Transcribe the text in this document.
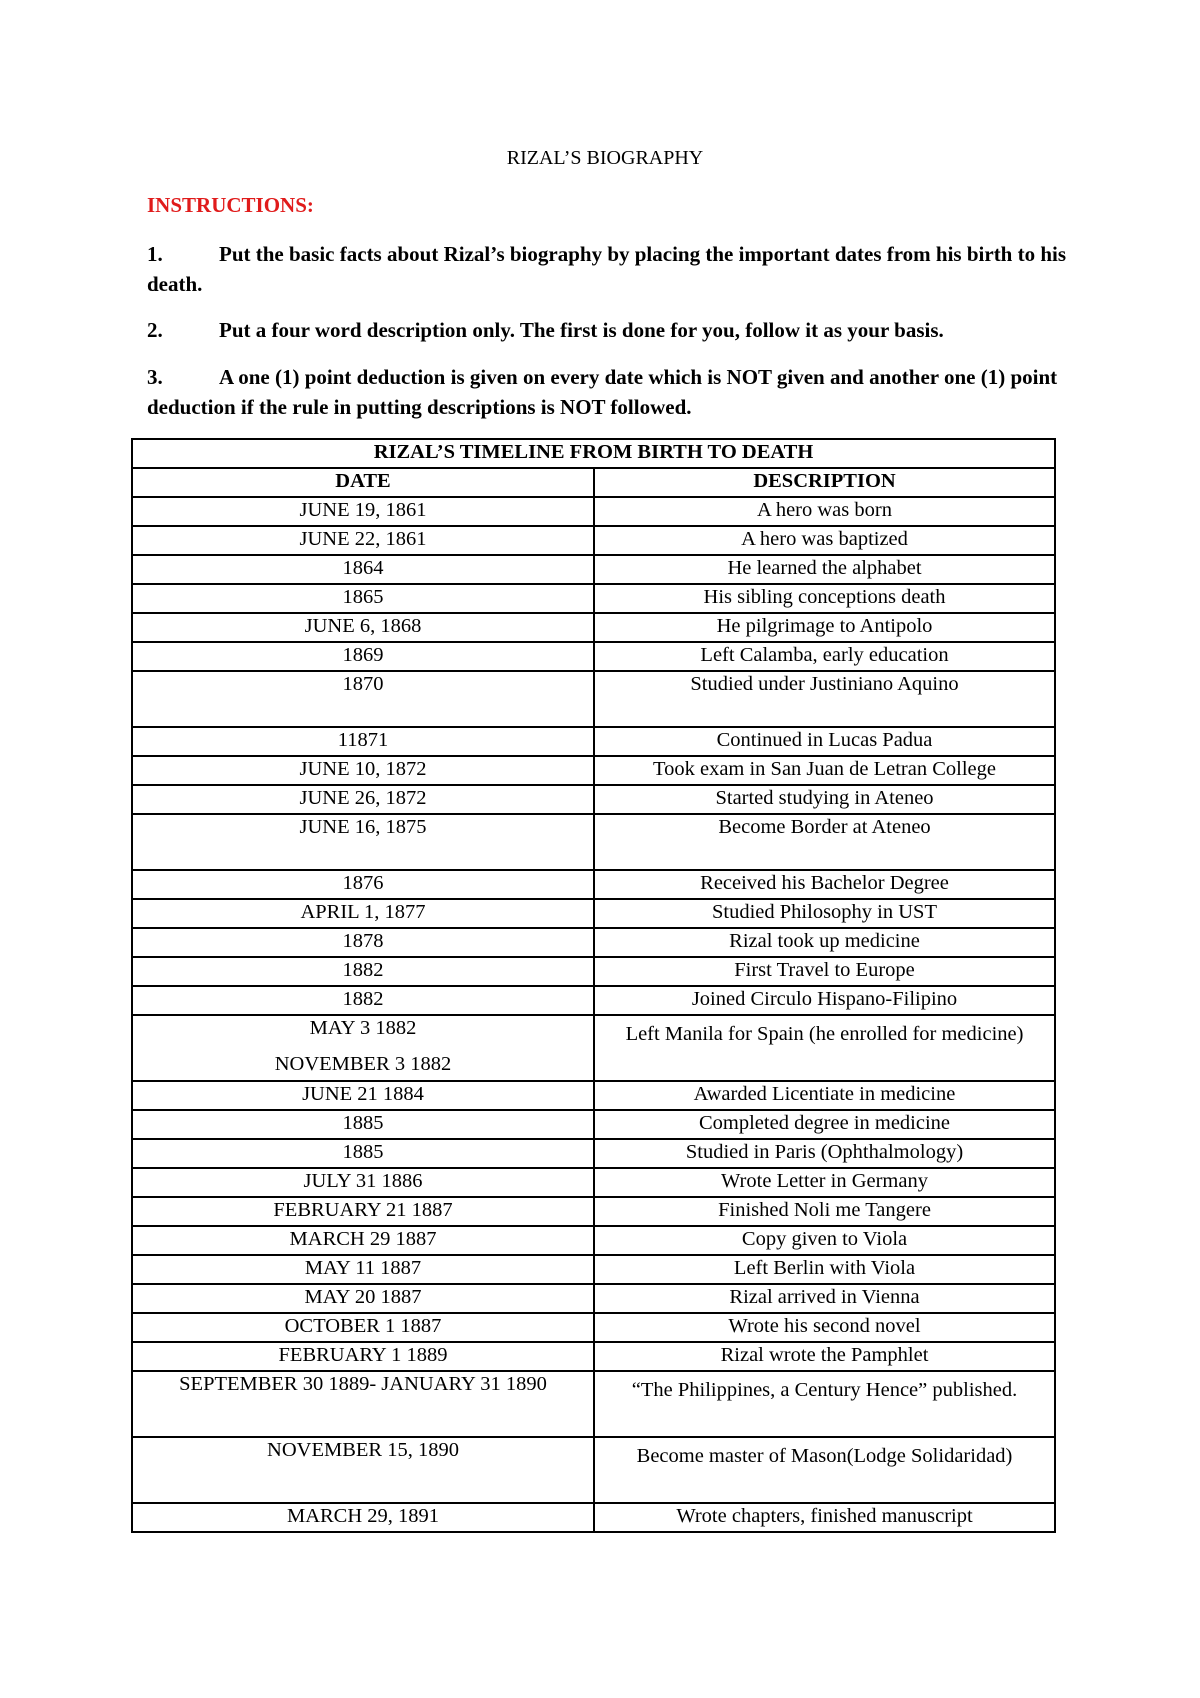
RIZAL’S BIOGRAPHY
INSTRUCTIONS:
1.	Put the basic facts about Rizal’s biography by placing the important dates from his birth to his death.
2.	Put a four word description only. The first is done for you, follow it as your basis.
3.	A one (1) point deduction is given on every date which is NOT given and another one (1) point deduction if the rule in putting descriptions is NOT followed.
RIZAL’S TIMELINE FROM BIRTH TO DEATH	
DATE	DESCRIPTION

JUNE 19, 1861	A hero was born

JUNE 22, 1861	A hero was baptized

1864	He learned the alphabet

1865	His sibling conceptions death

JUNE 6, 1868	He pilgrimage to Antipolo

1869	Left Calamba, early education

1870	Studied under Justiniano Aquino

11871	Continued in Lucas Padua

JUNE 10, 1872	Took exam in San Juan de Letran College

JUNE 26, 1872	Started studying in Ateneo

JUNE 16, 1875	Become Border at Ateneo

1876	Received his Bachelor Degree

APRIL 1, 1877	Studied Philosophy in UST

1878	Rizal took up medicine

1882	First Travel to Europe

1882	Joined Circulo Hispano-Filipino

MAY 3 1882
NOVEMBER 3 1882	Left Manila for Spain (he enrolled for medicine)

JUNE 21 1884	Awarded Licentiate in medicine

1885	Completed degree in medicine

1885	Studied in Paris (Ophthalmology)

JULY 31 1886	Wrote Letter in Germany

FEBRUARY 21 1887	Finished Noli me Tangere

MARCH 29 1887	Copy given to Viola

MAY 11 1887	Left Berlin with Viola

MAY 20 1887	Rizal arrived in Vienna

OCTOBER 1 1887	Wrote his second novel

FEBRUARY 1 1889	Rizal wrote the Pamphlet

SEPTEMBER 30 1889- JANUARY 31 1890	“The Philippines, a Century Hence” published.

NOVEMBER 15, 1890	Become master of Mason(Lodge Solidaridad)

MARCH 29, 1891	Wrote chapters, finished manuscript
